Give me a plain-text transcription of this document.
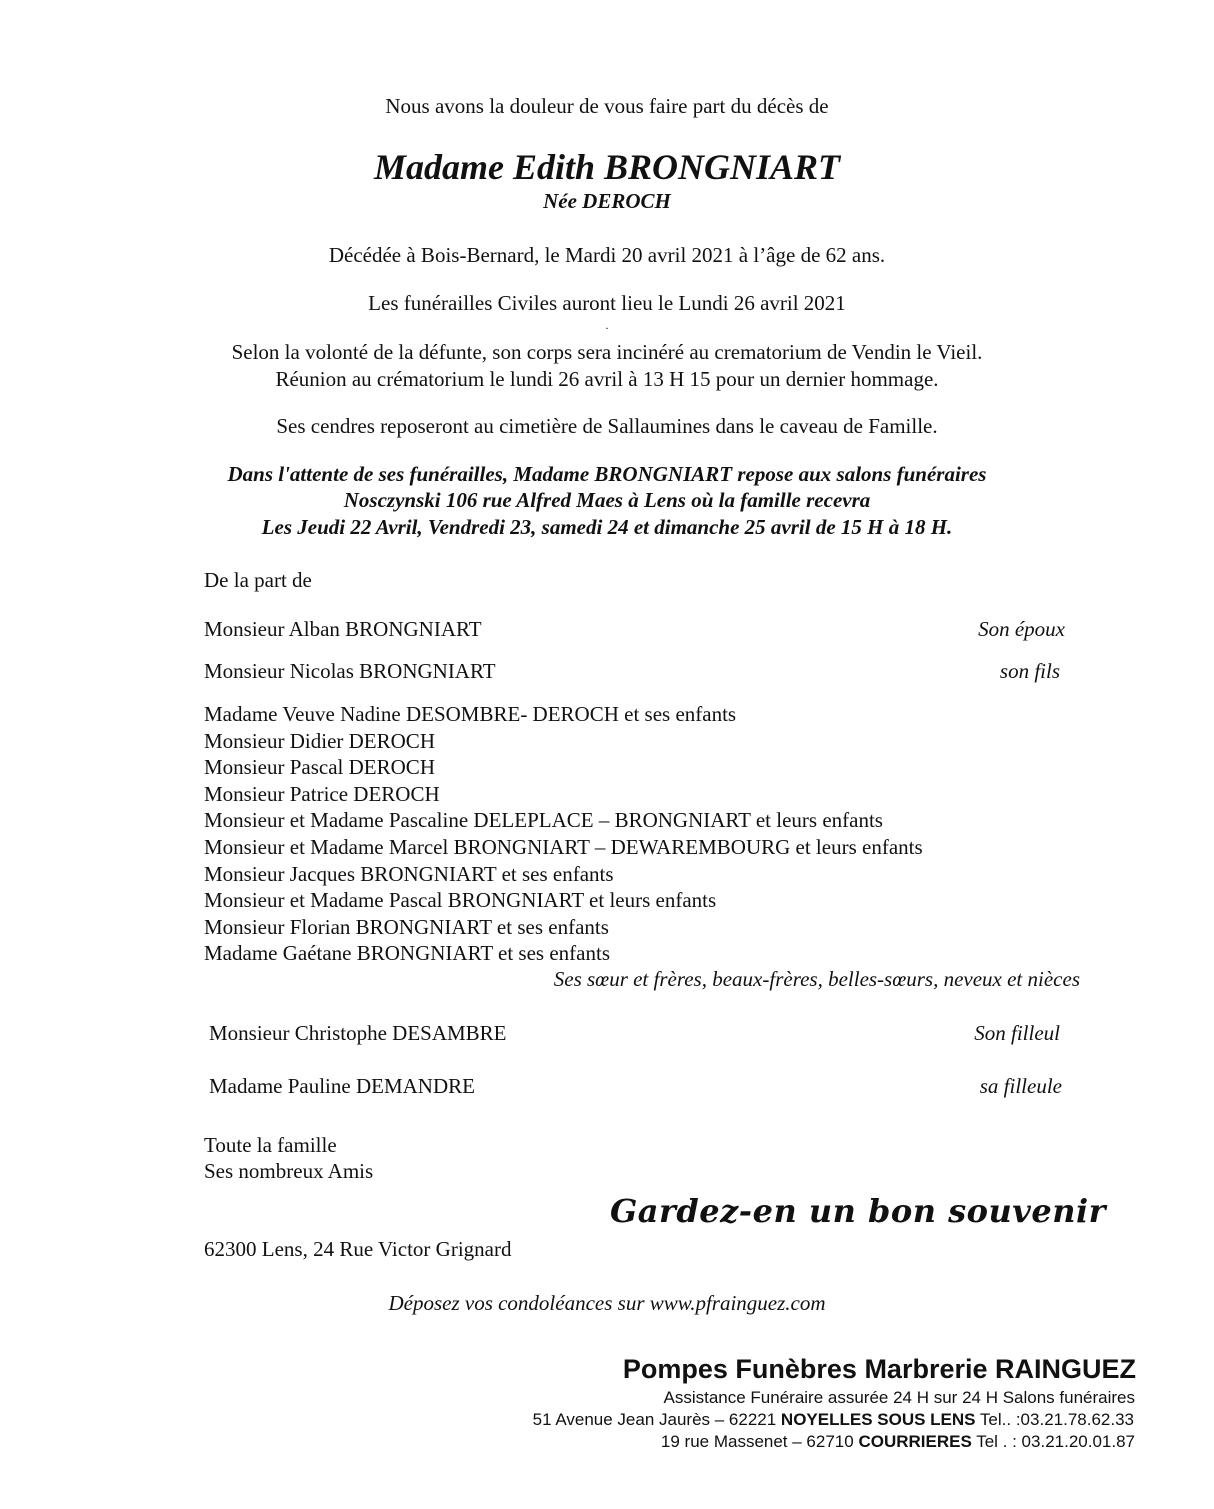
Nous avons la douleur de vous faire part du décès de
Madame Edith BRONGNIART
Née DEROCH
Décédée à Bois-Bernard, le Mardi 20 avril 2021 à l’âge de 62 ans.
Les funérailles Civiles auront lieu le Lundi 26 avril 2021
.
Selon la volonté de la défunte, son corps sera incinéré au crematorium de Vendin le Vieil.
Réunion au crématorium le lundi 26 avril à 13 H 15 pour un dernier hommage.
Ses cendres reposeront au cimetière de Sallaumines dans le caveau de Famille.
Dans l'attente de ses funérailles, Madame BRONGNIART repose aux salons funéraires
Nosczynski 106 rue Alfred Maes à Lens où la famille recevra
Les Jeudi 22 Avril, Vendredi 23, samedi 24 et dimanche 25 avril de 15 H à 18 H.
De la part de
Monsieur Alban BRONGNIART	Son époux
Monsieur Nicolas BRONGNIART	son fils
Madame Veuve Nadine DESOMBRE- DEROCH et ses enfants
Monsieur Didier DEROCH
Monsieur Pascal DEROCH
Monsieur Patrice DEROCH
Monsieur et Madame Pascaline DELEPLACE – BRONGNIART et leurs enfants
Monsieur et Madame Marcel BRONGNIART – DEWAREMBOURG et leurs enfants
Monsieur Jacques BRONGNIART et ses enfants
Monsieur et Madame Pascal BRONGNIART et leurs enfants
Monsieur Florian BRONGNIART et ses enfants
Madame Gaétane BRONGNIART et ses enfants
Ses sœur et frères, beaux-frères, belles-sœurs, neveux et nièces
Monsieur Christophe DESAMBRE	Son filleul
Madame Pauline DEMANDRE	sa filleule
Toute la famille
Ses nombreux Amis
Gardez-en un bon souvenir
62300 Lens, 24 Rue Victor Grignard
Déposez vos condoléances sur www.pfrainguez.com
Pompes Funèbres Marbrerie RAINGUEZ
Assistance Funéraire assurée 24 H sur 24 H Salons funéraires
51 Avenue Jean Jaurès – 62221 NOYELLES SOUS LENS Tel.. :03.21.78.62.33
19 rue Massenet – 62710 COURRIERES Tel . : 03.21.20.01.87
